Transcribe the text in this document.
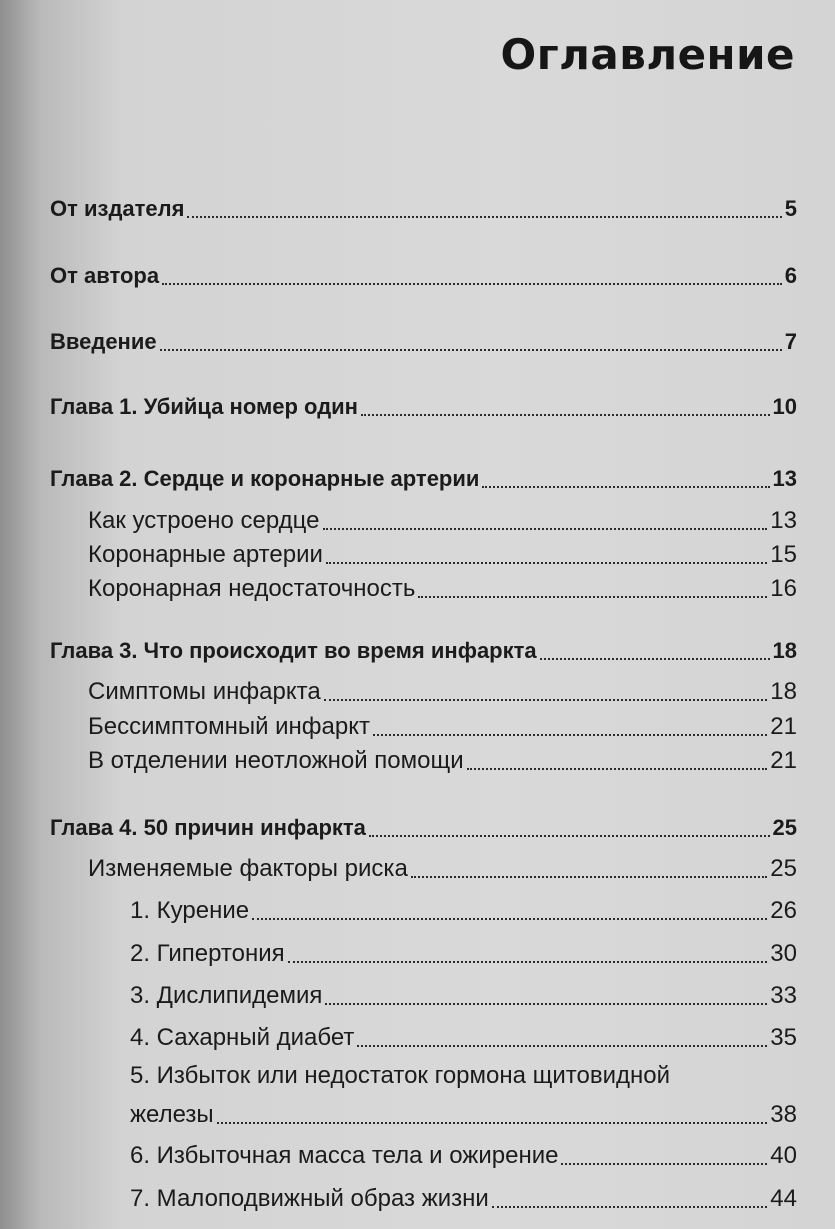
Оглавление
От издателя	5
От автора	6
Введение	7
Глава 1. Убийца номер один	10
Глава 2. Сердце и коронарные артерии	13
Как устроено сердце	13
Коронарные артерии	15
Коронарная недостаточность	16
Глава 3. Что происходит во время инфаркта	18
Симптомы инфаркта	18
Бессимптомный инфаркт	21
В отделении неотложной помощи	21
Глава 4. 50 причин инфаркта	25
Изменяемые факторы риска	25
1. Курение	26
2. Гипертония	30
3. Дислипидемия	33
4. Сахарный диабет	35
5. Избыток или недостаток гормона щитовидной
железы	38
6. Избыточная масса тела и ожирение	40
7. Малоподвижный образ жизни	44
